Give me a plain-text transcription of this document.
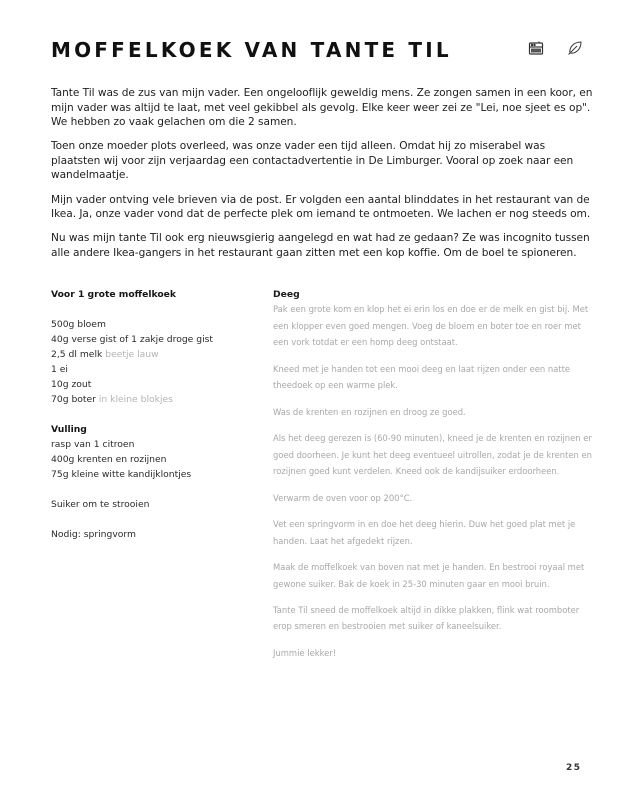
MOFFELKOEK VAN TANTE TIL

Tante Til was de zus van mijn vader. Een ongelooflijk geweldig mens. Ze zongen samen in een koor, en mijn vader was altijd te laat, met veel gekibbel als gevolg. Elke keer weer zei ze "Lei, noe sjeet es op". We hebben zo vaak gelachen om die 2 samen.

Toen onze moeder plots overleed, was onze vader een tijd alleen. Omdat hij zo miserabel was plaatsten wij voor zijn verjaardag een contactadvertentie in De Limburger. Vooral op zoek naar een wandelmaatje.

Mijn vader ontving vele brieven via de post. Er volgden een aantal blinddates in het restaurant van de Ikea. Ja, onze vader vond dat de perfecte plek om iemand te ontmoeten. We lachen er nog steeds om.

Nu was mijn tante Til ook erg nieuwsgierig aangelegd en wat had ze gedaan? Ze was incognito tussen alle andere Ikea-gangers in het restaurant gaan zitten met een kop koffie. Om de boel te spioneren.

Voor 1 grote moffelkoek
500g bloem
40g verse gist of 1 zakje droge gist
2,5 dl melk beetje lauw
1 ei
10g zout
70g boter in kleine blokjes
Vulling
rasp van 1 citroen
400g krenten en rozijnen
75g kleine witte kandijklontjes
Suiker om te strooien
Nodig: springvorm
Deeg

Pak een grote kom en klop het ei erin los en doe er de melk en gist bij. Met een klopper even goed mengen. Voeg de bloem en boter toe en roer met een vork totdat er een homp deeg ontstaat.

Kneed met je handen tot een mooi deeg en laat rijzen onder een natte theedoek op een warme plek.

Was de krenten en rozijnen en droog ze goed.

Als het deeg gerezen is (60-90 minuten), kneed je de krenten en rozijnen er goed doorheen. Je kunt het deeg eventueel uitrollen, zodat je de krenten en rozijnen goed kunt verdelen. Kneed ook de kandijsuiker erdoorheen.

Verwarm de oven voor op 200°C.

Vet een springvorm in en doe het deeg hierin. Duw het goed plat met je handen. Laat het afgedekt rijzen.

Maak de moffelkoek van boven nat met je handen. En bestrooi royaal met gewone suiker. Bak de koek in 25-30 minuten gaar en mooi bruin.

Tante Til sneed de moffelkoek altijd in dikke plakken, flink wat roomboter erop smeren en bestrooien met suiker of kaneelsuiker.

Jummie lekker!

25
